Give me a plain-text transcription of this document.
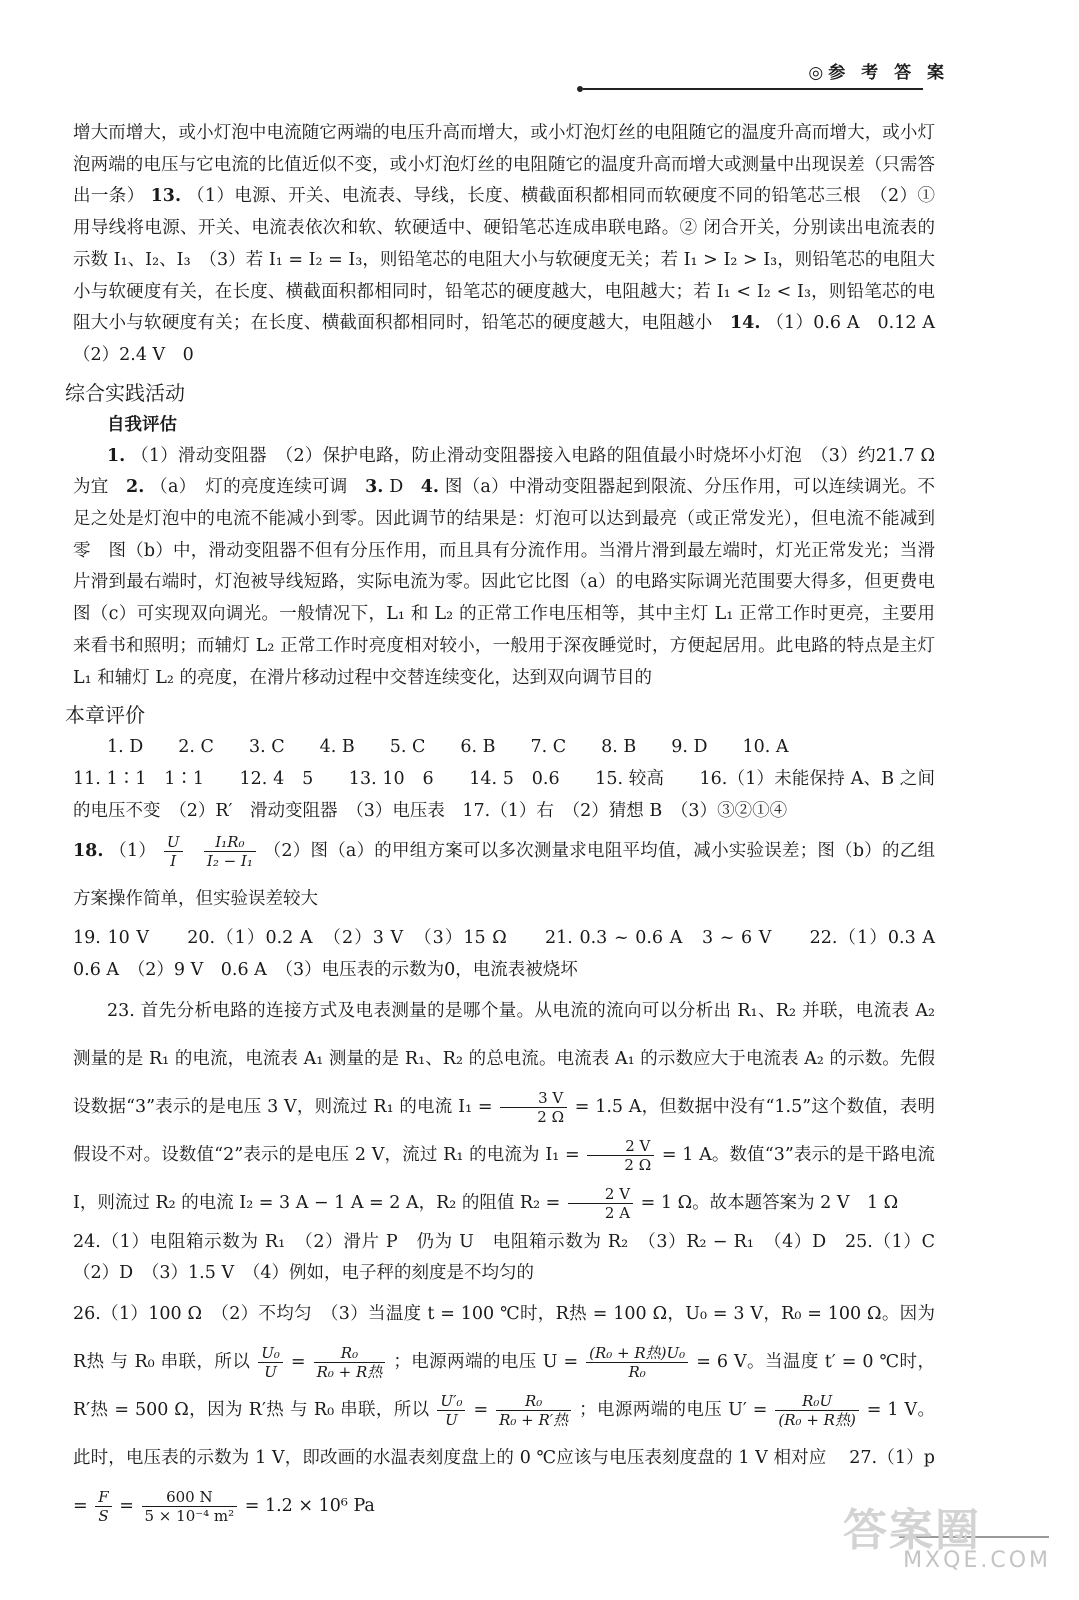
◎参 考 答 案

增大而增大，或小灯泡中电流随它两端的电压升高而增大，或小灯泡灯丝的电阻随它的温度升高而增大，或小灯泡两端的电压与它电流的比值近似不变，或小灯泡灯丝的电阻随它的温度升高而增大或测量中出现误差（只需答出一条） 13. （1）电源、开关、电流表、导线，长度、横截面积都相同而软硬度不同的铅笔芯三根　（2）① 用导线将电源、开关、电流表依次和软、软硬适中、硬铅笔芯连成串联电路。② 闭合开关，分别读出电流表的示数 I₁、I₂、I₃　（3）若 I₁ = I₂ = I₃，则铅笔芯的电阻大小与软硬度无关；若 I₁ > I₂ > I₃，则铅笔芯的电阻大小与软硬度有关，在长度、横截面积都相同时，铅笔芯的硬度越大，电阻越大；若 I₁ < I₂ < I₃，则铅笔芯的电阻大小与软硬度有关；在长度、横截面积都相同时，铅笔芯的硬度越大，电阻越小 14. （1）0.6 A　0.12 A　（2）2.4 V　0

综合实践活动
自我评估

1. （1）滑动变阻器　（2）保护电路，防止滑动变阻器接入电路的阻值最小时烧坏小灯泡　（3）约21.7 Ω 为宜 2. （a）　灯的亮度连续可调 3. D 4. 图（a）中滑动变阻器起到限流、分压作用，可以连续调光。不足之处是灯泡中的电流不能减小到零。因此调节的结果是：灯泡可以达到最亮（或正常发光），但电流不能减到零　图（b）中，滑动变阻器不但有分压作用，而且具有分流作用。当滑片滑到最左端时，灯光正常发光；当滑片滑到最右端时，灯泡被导线短路，实际电流为零。因此它比图（a）的电路实际调光范围要大得多，但更费电　图（c）可实现双向调光。一般情况下，L₁ 和 L₂ 的正常工作电压相等，其中主灯 L₁ 正常工作时更亮，主要用来看书和照明；而辅灯 L₂ 正常工作时亮度相对较小，一般用于深夜睡觉时，方便起居用。此电路的特点是主灯 L₁ 和辅灯 L₂ 的亮度，在滑片移动过程中交替连续变化，达到双向调节目的

本章评价

1. D　　2. C　　3. C　　4. B　　5. C　　6. B　　7. C　　8. B　　9. D　　10. A

11. 1∶1　1∶1　　12. 4　5　　13. 10　6　　14. 5　0.6　　15. 较高　　16.（1）未能保持 A、B 之间的电压不变　（2）R′　滑动变阻器　（3）电压表　17.（1）右　（2）猜想 B　（3）③②①④

18. $(1) \frac{U}{I}$
$\frac{\text{I₁R₀}}{\text{I₂ − I₁}} (2)$图（a）的甲组方案可以多次测量求电阻平均值，减小实验误差；图（b）的乙组方案操作简单，但实验误差较大

19. 10 V　　20.（1）0.2 A　（2）3 V　（3）15 Ω　　21. 0.3 ~ 0.6 A　3 ~ 6 V　　22.（1）0.3 A　0.6 A　（2）9 V　0.6 A　（3）电压表的示数为0，电流表被烧坏

23. 首先分析电路的连接方式及电表测量的是哪个量。从电流的流向可以分析出 R₁、R₂ 并联，电流表 A₂ 测量的是 R₁ 的电流，电流表 A₁ 测量的是 R₁、R₂ 的总电流。电流表 A₁ 的示数应大于电流表 A₂ 的示数。先假设数据“3”表示的是电压 3 V，则流过 R₁ 的电流 $I_1 = \frac{3 V}{2 \Omega} = 1.5$ A，但数据中没有“1.5”这个数值，表明假设不对。设数值“2”表示的是电压 2 V，流过 R₁ 的电流为 $I_1 = \frac{2 V}{2 \Omega} = 1$ A。数值“3”表示的是干路电流 I，则流过 R₂ 的电流 I₂ = 3 A − 1 A = 2 A，R₂ 的阻值 $R_2 = \frac{2 V}{2 A} = 1$ Ω。故本题答案为 2 V　1 Ω

24.（1）电阻箱示数为 R₁　（2）滑片 P　仍为 U　电阻箱示数为 R₂　（3）R₂ − R₁　（4）D　25.（1）C　（2）D　（3）1.5 V　（4）例如，电子秤的刻度是不均匀的

26.（1）100 Ω　（2）不均匀　（3）当温度 t = 100 ℃时，R热 = 100 Ω，U₀ = 3 V，R₀ = 100 Ω。因为 R热 与 R₀ 串联，所以 $\frac{\text{U₀}}{U} = \frac{\text{R₀}}{\text{R₀ + R热}}$ ；电源两端的电压 $U = \frac{\text{(R₀ + R热)U₀}}{\text{R₀}} = 6$ V。当温度 t′ = 0 ℃时，R′热 = 500 Ω，因为 R′热 与 R₀ 串联，所以 $\frac{\text{U′₀}}{U} = \frac{\text{R₀}}{\text{R₀ + R′热}}$ ；电源两端的电压 $U' = \frac{\text{R₀U}}{\text{(R₀ + R热)}} = 1$ V。此时，电压表的示数为 1 V，即改画的水温表刻度盘上的 0 ℃应该与电压表刻度盘的 1 V 相对应 $27.(1)p = \frac{F}{S} = \frac{600 N}{\text{5 × 10⁻⁴ m²}} = 1.2 \times 10^6$ Pa	答案圈
MXQE.COM
